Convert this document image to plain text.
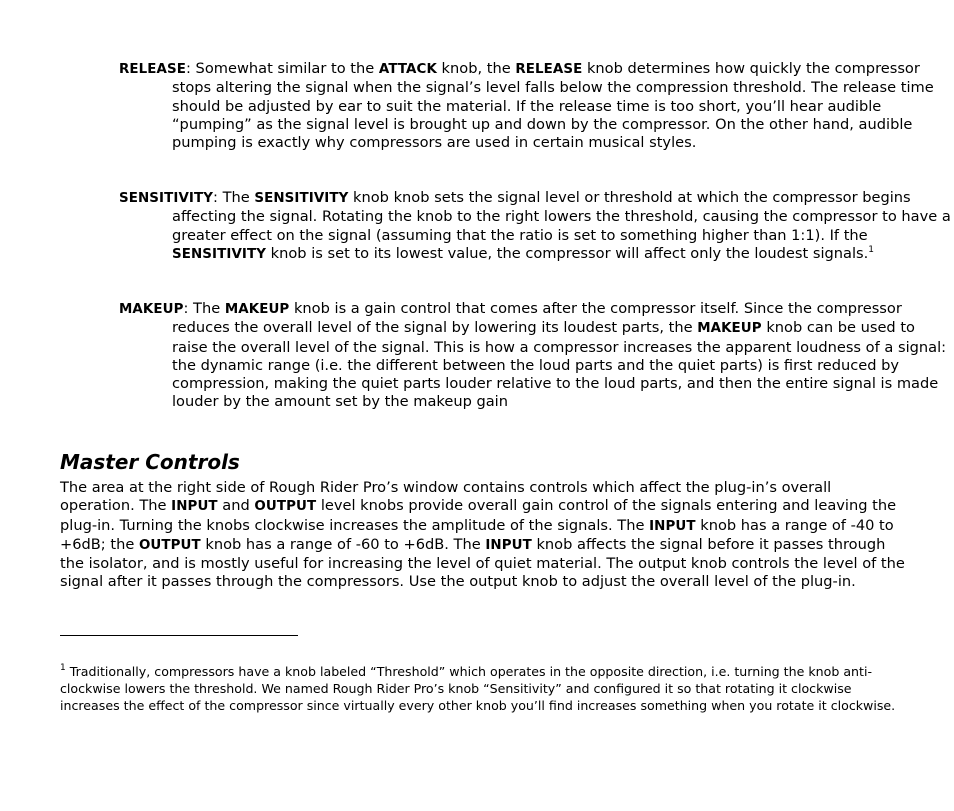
RELEASE: Somewhat similar to the ATTACK knob, the RELEASE knob determines how quickly the compressor stops altering the signal when the signal’s level falls below the compression threshold. The release time should be adjusted by ear to suit the material. If the release time is too short, you’ll hear audible “pumping” as the signal level is brought up and down by the compressor. On the other hand, audible pumping is exactly why compressors are used in certain musical styles.
SENSITIVITY: The SENSITIVITY knob knob sets the signal level or threshold at which the compressor begins affecting the signal. Rotating the knob to the right lowers the threshold, causing the compressor to have a greater effect on the signal (assuming that the ratio is set to something higher than 1:1). If the SENSITIVITY knob is set to its lowest value, the compressor will affect only the loudest signals.$^1$
MAKEUP: The MAKEUP knob is a gain control that comes after the compressor itself. Since the compressor reduces the overall level of the signal by lowering its loudest parts, the MAKEUP knob can be used to raise the overall level of the signal. This is how a compressor increases the apparent loudness of a signal: the dynamic range (i.e. the different between the loud parts and the quiet parts) is first reduced by compression, making the quiet parts louder relative to the loud parts, and then the entire signal is made louder by the amount set by the makeup gain
Master Controls

The area at the right side of Rough Rider Pro’s window contains controls which affect the plug-in’s overall operation. The INPUT and OUTPUT level knobs provide overall gain control of the signals entering and leaving the plug-in. Turning the knobs clockwise increases the amplitude of the signals. The INPUT knob has a range of -40 to +6dB; the OUTPUT knob has a range of -60 to +6dB. The INPUT knob affects the signal before it passes through the isolator, and is mostly useful for increasing the level of quiet material. The output knob controls the level of the signal after it passes through the compressors. Use the output knob to adjust the overall level of the plug-in.

$^1$ Traditionally, compressors have a knob labeled “Threshold” which operates in the opposite direction, i.e. turning the knob anti-clockwise lowers the threshold. We named Rough Rider Pro’s knob “Sensitivity” and configured it so that rotating it clockwise increases the effect of the compressor since virtually every other knob you’ll find increases something when you rotate it clockwise.
